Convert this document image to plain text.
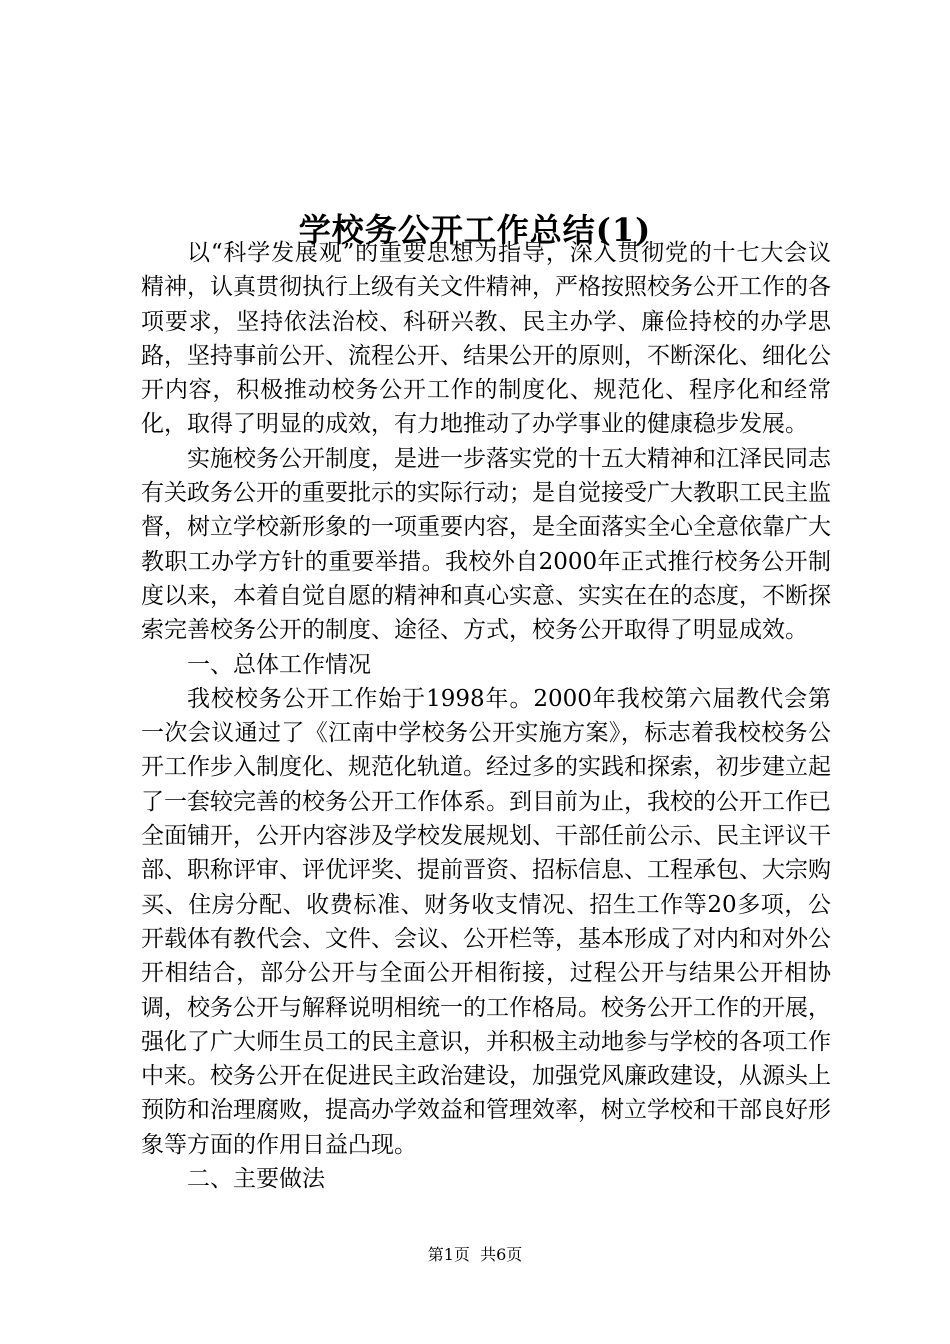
学校务公开工作总结(1)

以“科学发展观”的重要思想为指导，深入贯彻党的十七大会议精神，认真贯彻执行上级有关文件精神，严格按照校务公开工作的各项要求，坚持依法治校、科研兴教、民主办学、廉俭持校的办学思路，坚持事前公开、流程公开、结果公开的原则，不断深化、细化公开内容，积极推动校务公开工作的制度化、规范化、程序化和经常化，取得了明显的成效，有力地推动了办学事业的健康稳步发展。

实施校务公开制度，是进一步落实党的十五大精神和江泽民同志有关政务公开的重要批示的实际行动；是自觉接受广大教职工民主监督，树立学校新形象的一项重要内容，是全面落实全心全意依靠广大教职工办学方针的重要举措。我校外自2000年正式推行校务公开制度以来，本着自觉自愿的精神和真心实意、实实在在的态度，不断探索完善校务公开的制度、途径、方式，校务公开取得了明显成效。

一、总体工作情况

我校校务公开工作始于1998年。2000年我校第六届教代会第一次会议通过了《江南中学校务公开实施方案》，标志着我校校务公开工作步入制度化、规范化轨道。经过多的实践和探索，初步建立起了一套较完善的校务公开工作体系。到目前为止，我校的公开工作已全面铺开，公开内容涉及学校发展规划、干部任前公示、民主评议干部、职称评审、评优评奖、提前晋资、招标信息、工程承包、大宗购买、住房分配、收费标准、财务收支情况、招生工作等20多项，公开载体有教代会、文件、会议、公开栏等，基本形成了对内和对外公开相结合，部分公开与全面公开相衔接，过程公开与结果公开相协调，校务公开与解释说明相统一的工作格局。校务公开工作的开展，强化了广大师生员工的民主意识，并积极主动地参与学校的各项工作中来。校务公开在促进民主政治建设，加强党风廉政建设，从源头上预防和治理腐败，提高办学效益和管理效率，树立学校和干部良好形象等方面的作用日益凸现。

二、主要做法

第1页  共6页
